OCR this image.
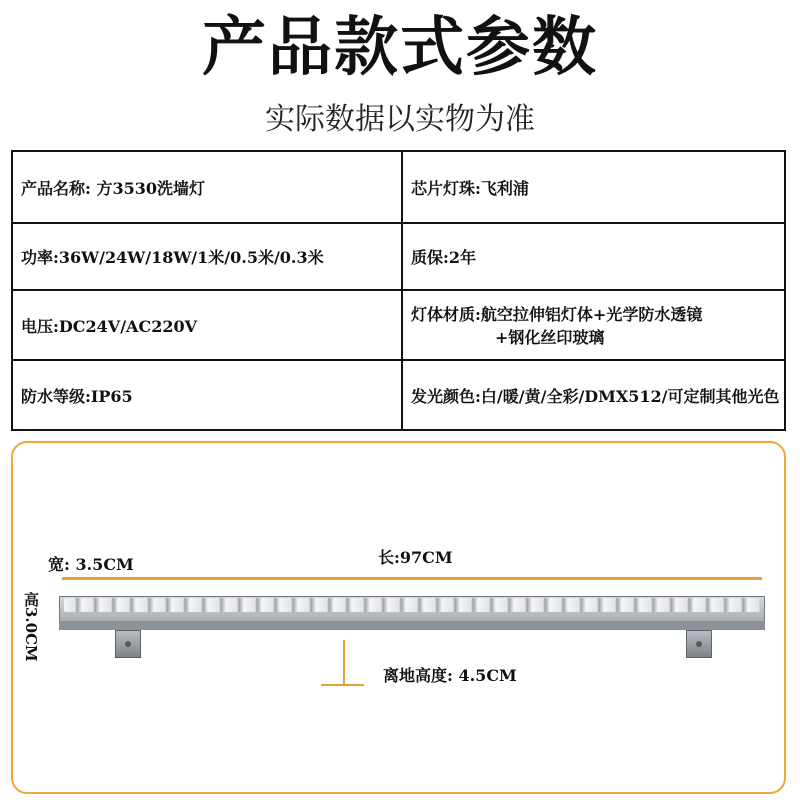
产品款式参数
实际数据以实物为准
产品名称: 方3530洗墙灯	芯片灯珠:飞利浦
功率:36W/24W/18W/1米/0.5米/0.3米	质保:2年
电压:DC24V/AC220V	灯体材质:航空拉伸铝灯体+光学防水透镜
+钢化丝印玻璃

防水等级:IP65	发光颜色:白/暖/黄/全彩/DMX512/可定制其他光色
宽: 3.5CM	长:97CM
高3.0CM
离地高度: 4.5CM
